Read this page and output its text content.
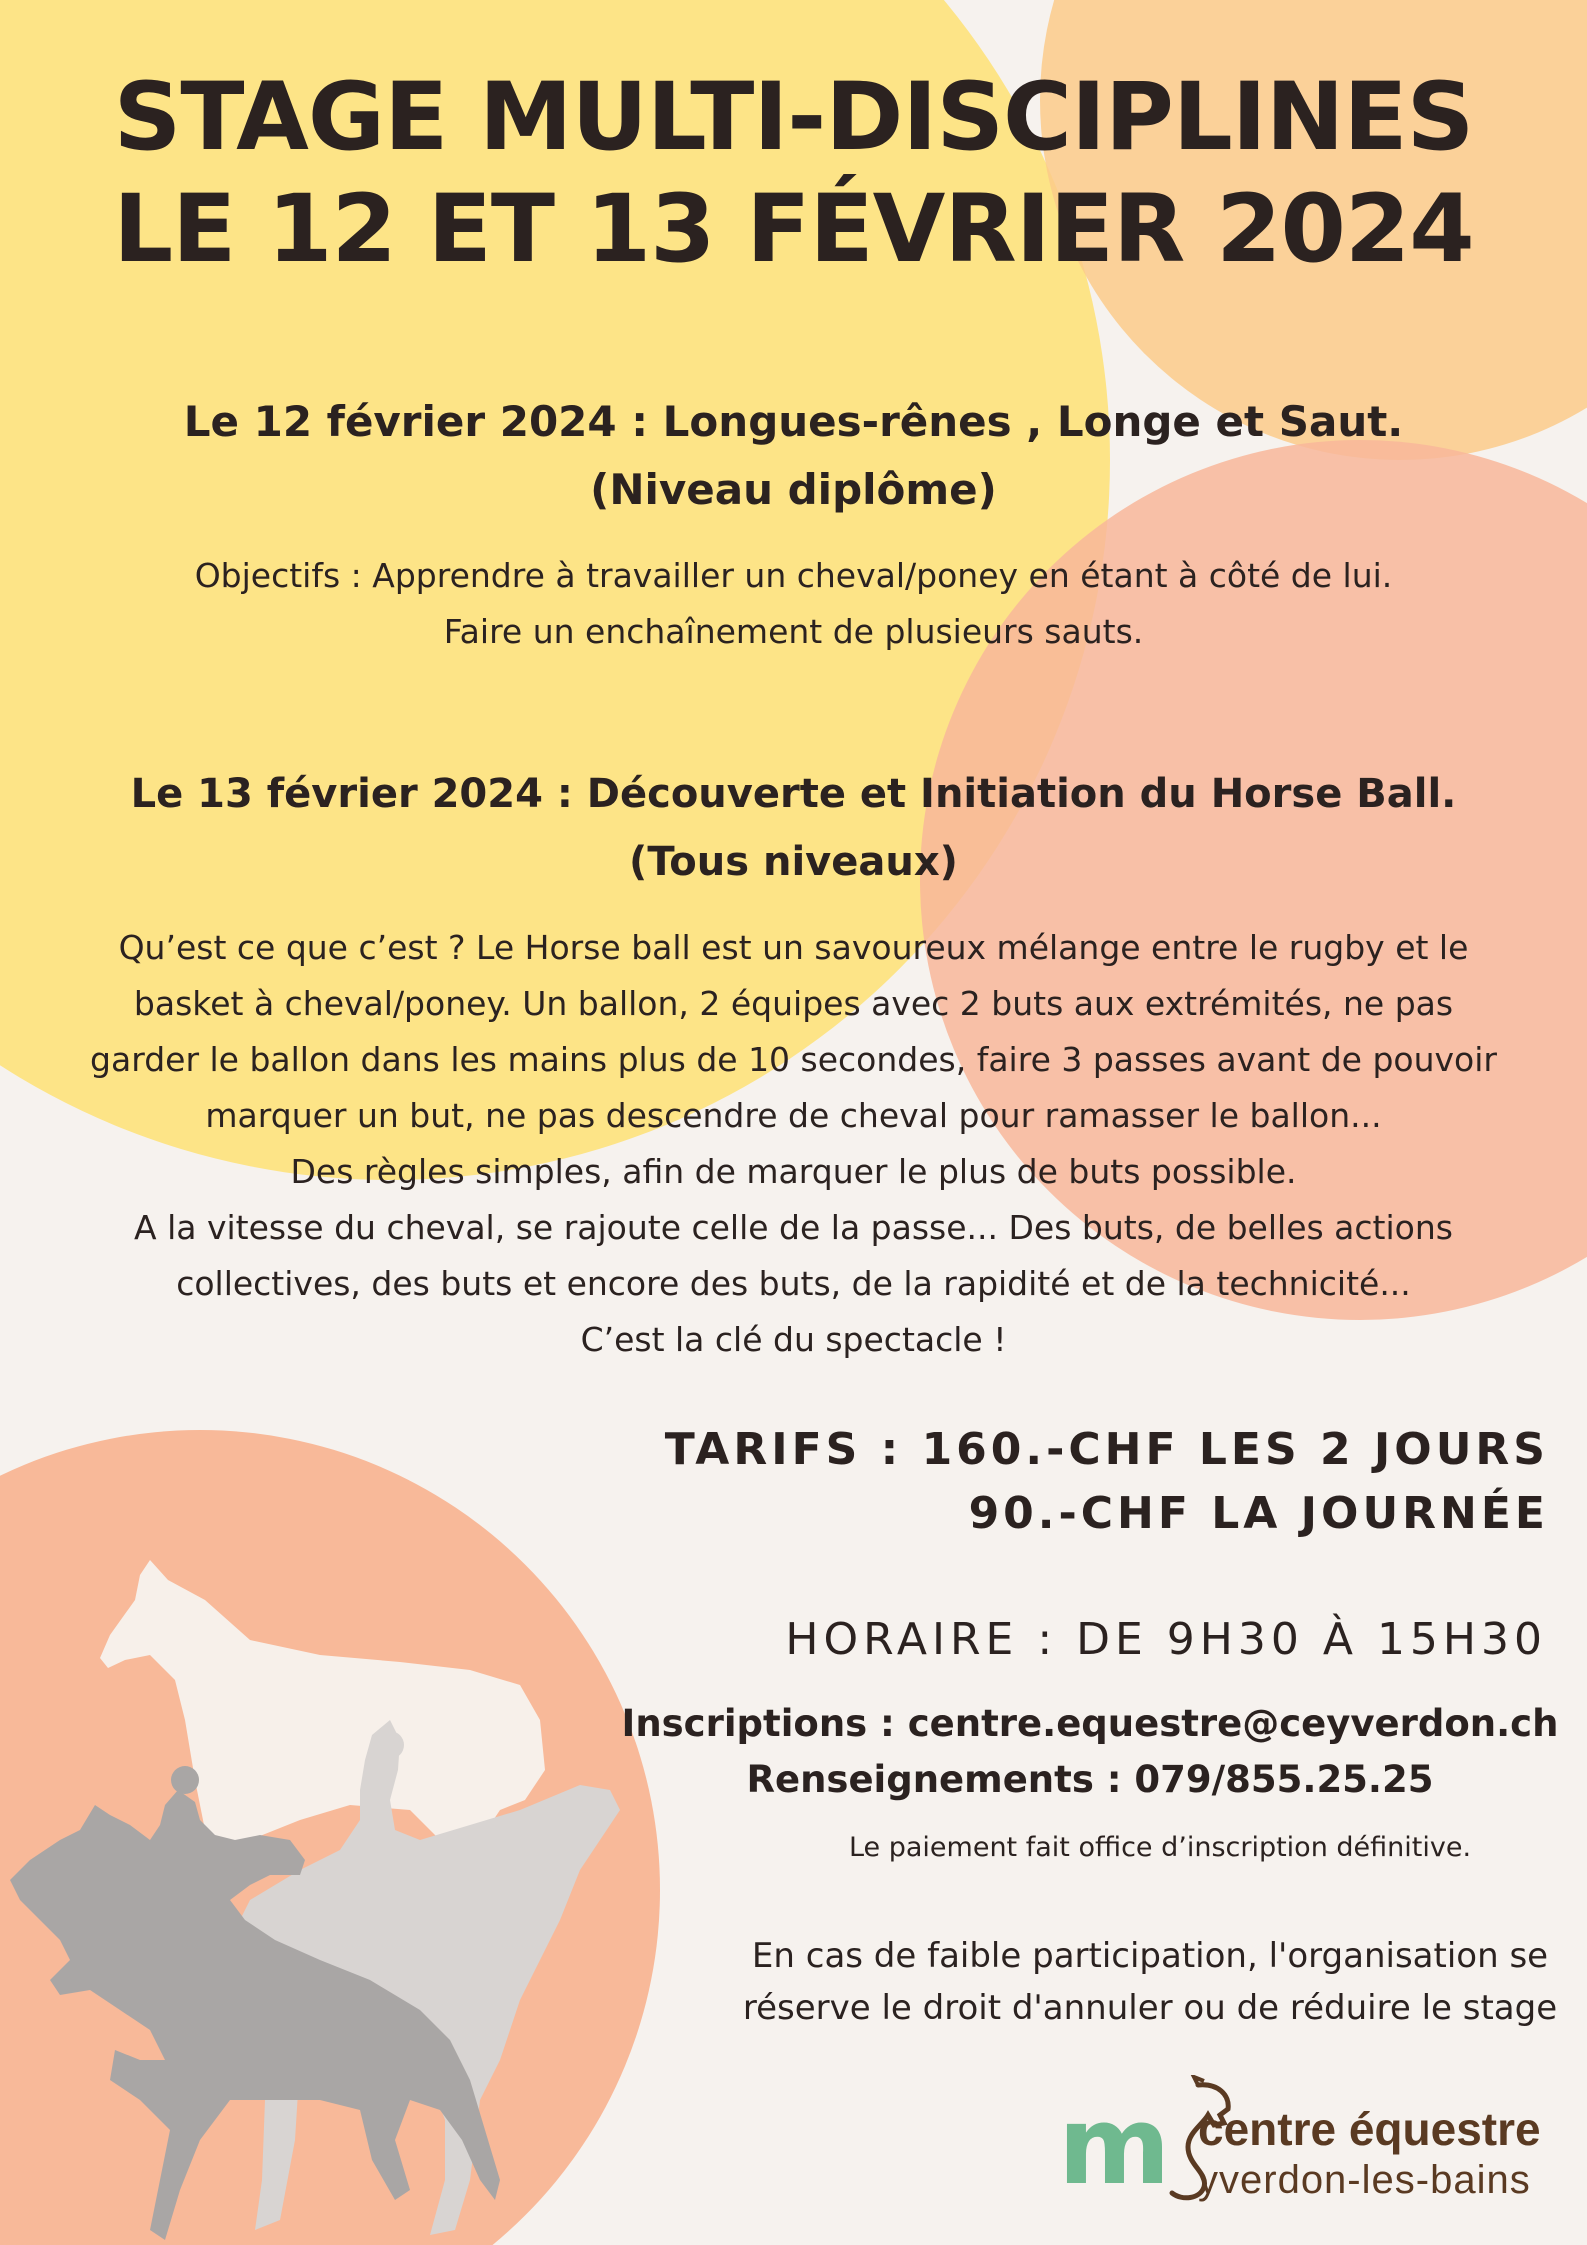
STAGE MULTI-DISCIPLINES
LE 12 ET 13 FÉVRIER 2024
Le 12 février 2024 : Longues-rênes , Longe et Saut.
(Niveau diplôme)
Objectifs : Apprendre à travailler un cheval/poney en étant à côté de lui.
Faire un enchaînement de plusieurs sauts.
Le 13 février 2024 : Découverte et Initiation du Horse Ball.
(Tous niveaux)
Qu’est ce que c’est ? Le Horse ball est un savoureux mélange entre le rugby et le
basket à cheval/poney. Un ballon, 2 équipes avec 2 buts aux extrémités, ne pas
garder le ballon dans les mains plus de 10 secondes, faire 3 passes avant de pouvoir
marquer un but, ne pas descendre de cheval pour ramasser le ballon...
Des règles simples, afin de marquer le plus de buts possible.
A la vitesse du cheval, se rajoute celle de la passe... Des buts, de belles actions
collectives, des buts et encore des buts, de la rapidité et de la technicité...
C’est la clé du spectacle !
TARIFS : 160.-CHF LES 2 JOURS
90.-CHF LA JOURNÉE
HORAIRE : DE 9H30 À 15H30
Inscriptions : centre.equestre@ceyverdon.ch
Renseignements : 079/855.25.25
Le paiement fait office d’inscription définitive.
En cas de faible participation, l'organisation se
réserve le droit d'annuler ou de réduire le stage
m centre équestre
yverdon-les-bains
